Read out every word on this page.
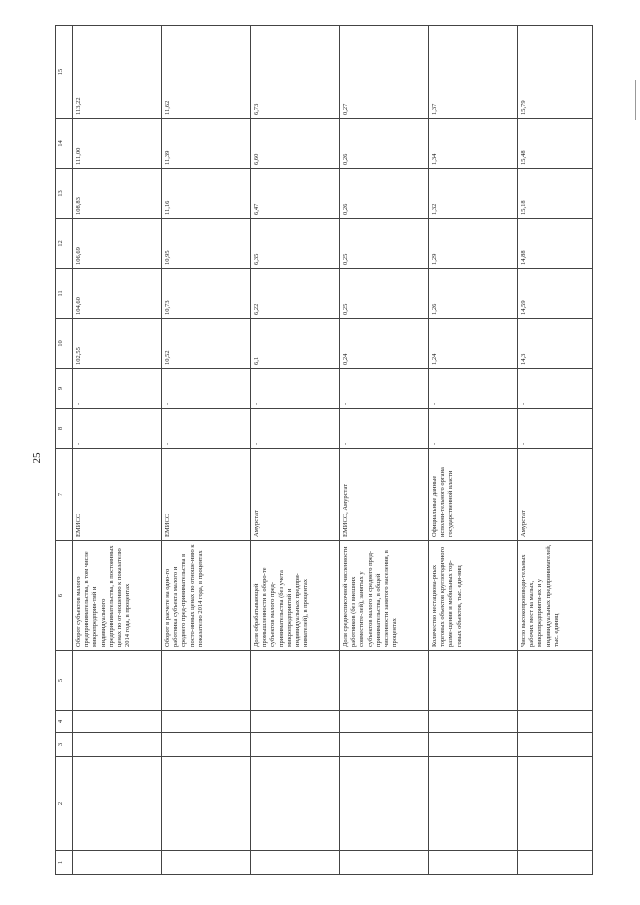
25
1	2	3	4	5	6	7	8	9	10	11	12	13	14	15
					Оборот субъектов малого предпринимательства, в том числе микропредприя-тий и индивидуального предпринимательства, в постоянных ценах по от-ношению к показателю 2014 года, в процентах	ЕМИСС	-	-	102,55	104,60	106,69	108,83	111,00	113,22
					Оборот в расчете на одно-го работника субъекта малого и среднего пред-принимательства в посто-янных ценах по отноше-нию к показателю 2014 года, в процентах	ЕМИСС	-	-	10,52	10,73	10,95	11,16	11,39	11,62
					Доля обрабатывающей промышленности в оборо-те субъектов малого пред-принимательства (без учета микропредприятий и индивидуальных предпри-нимателей), в процентах	Амурстат	-	-	6,1	6,22	6,35	6,47	6,60	6,73
					Доля среднесписочной численности работников (без внешних совместите-лей), занятых у субъектов малого и среднего пред-принимательства, в общей численности занятого населения, в процентах	ЕМИСС, Амурстат	-	-	0,24	0,25	0,25	0,26	0,26	0,27
					Количество нестациона-рных торговых объектов круглогодичного разме-щения и мобильных тор-говых объектов, тыс. еди-ниц	Официальные данные исполни-тельного органа государственной власти	-	-	1,24	1,26	1,29	1,32	1,34	1,37
					Число высокопроизводи-тельных рабочих мест на малых, микропредприяти-ях и у индивидуальных предпринимателей, тыс. единиц	Амурстат	-	-	14,3	14,59	14,88	15,18	15,48	15,79
